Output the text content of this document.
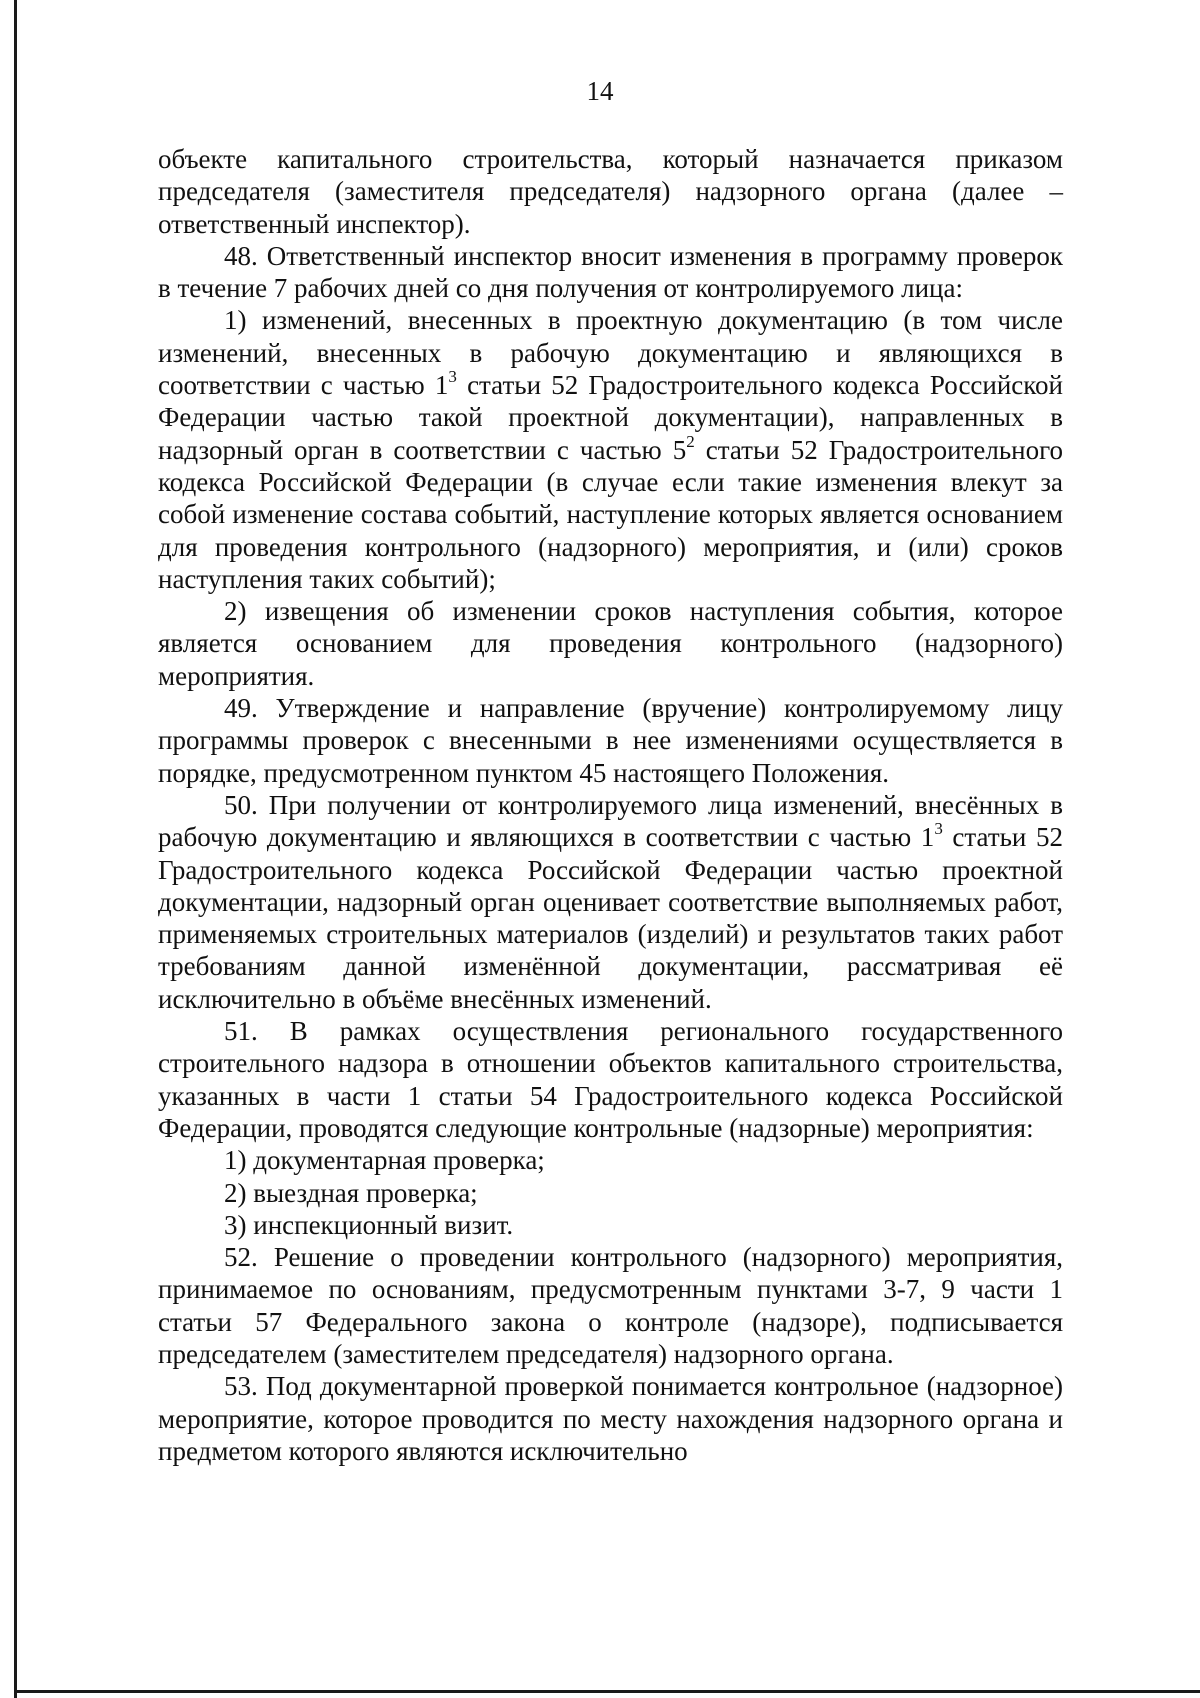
14

объекте капитального строительства, который назначается приказом председателя (заместителя председателя) надзорного органа (далее – ответственный инспектор).

48. Ответственный инспектор вносит изменения в программу проверок в течение 7 рабочих дней со дня получения от контролируемого лица:

1) изменений, внесенных в проектную документацию (в том числе изменений, внесенных в рабочую документацию и являющихся в соответствии с частью $1^3$ статьи 52 Градостроительного кодекса Российской Федерации частью такой проектной документации), направленных в надзорный орган в соответствии с частью $5^2$ статьи 52 Градостроительного кодекса Российской Федерации (в случае если такие изменения влекут за собой изменение состава событий, наступление которых является основанием для проведения контрольного (надзорного) мероприятия, и (или) сроков наступления таких событий);

2) извещения об изменении сроков наступления события, которое является основанием для проведения контрольного (надзорного) мероприятия.

49. Утверждение и направление (вручение) контролируемому лицу программы проверок с внесенными в нее изменениями осуществляется в порядке, предусмотренном пунктом 45 настоящего Положения.

50. При получении от контролируемого лица изменений, внесённых в рабочую документацию и являющихся в соответствии с частью $1^3$ статьи 52 Градостроительного кодекса Российской Федерации частью проектной документации, надзорный орган оценивает соответствие выполняемых работ, применяемых строительных материалов (изделий) и результатов таких работ требованиям данной изменённой документации, рассматривая её исключительно в объёме внесённых изменений.

51. В рамках осуществления регионального государственного строительного надзора в отношении объектов капитального строительства, указанных в части 1 статьи 54 Градостроительного кодекса Российской Федерации, проводятся следующие контрольные (надзорные) мероприятия:

1) документарная проверка;

2) выездная проверка;

3) инспекционный визит.

52. Решение о проведении контрольного (надзорного) мероприятия, принимаемое по основаниям, предусмотренным пунктами 3-7, 9 части 1 статьи 57 Федерального закона о контроле (надзоре), подписывается председателем (заместителем председателя) надзорного органа.

53. Под документарной проверкой понимается контрольное (надзорное) мероприятие, которое проводится по месту нахождения надзорного органа и предметом которого являются исключительно
